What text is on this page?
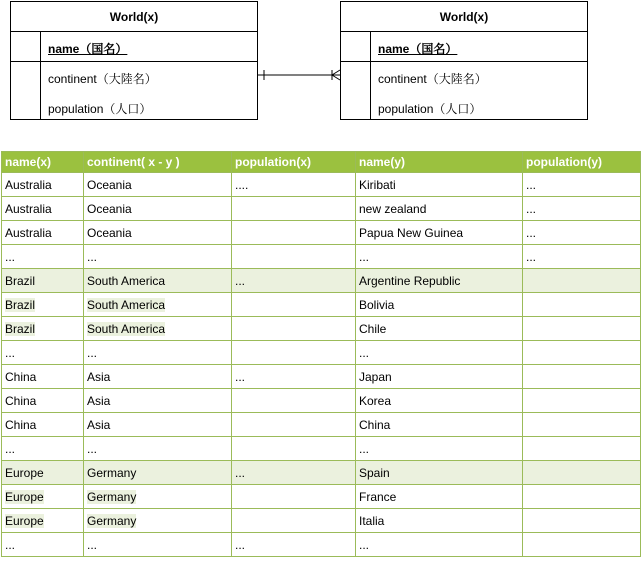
World(x)
name（国名）
continent（大陸名）
population（人口）
World(x)
name（国名）
continent（大陸名）
population（人口）
name(x)	continent( x - y )	population(x)	name(y)	population(y)
Australia	Oceania	....	Kiribati	...
Australia	Oceania		new zealand	...
Australia	Oceania		Papua New Guinea	...
...	...		...	...
Brazil	South America	...	Argentine Republic	
Brazil	South America		Bolivia	
Brazil	South America		Chile	
...	...		...	
China	Asia	...	Japan	
China	Asia		Korea	
China	Asia		China	
...	...		...	
Europe	Germany	...	Spain	
Europe	Germany		France	
Europe	Germany		Italia	
...	...	...	...	
